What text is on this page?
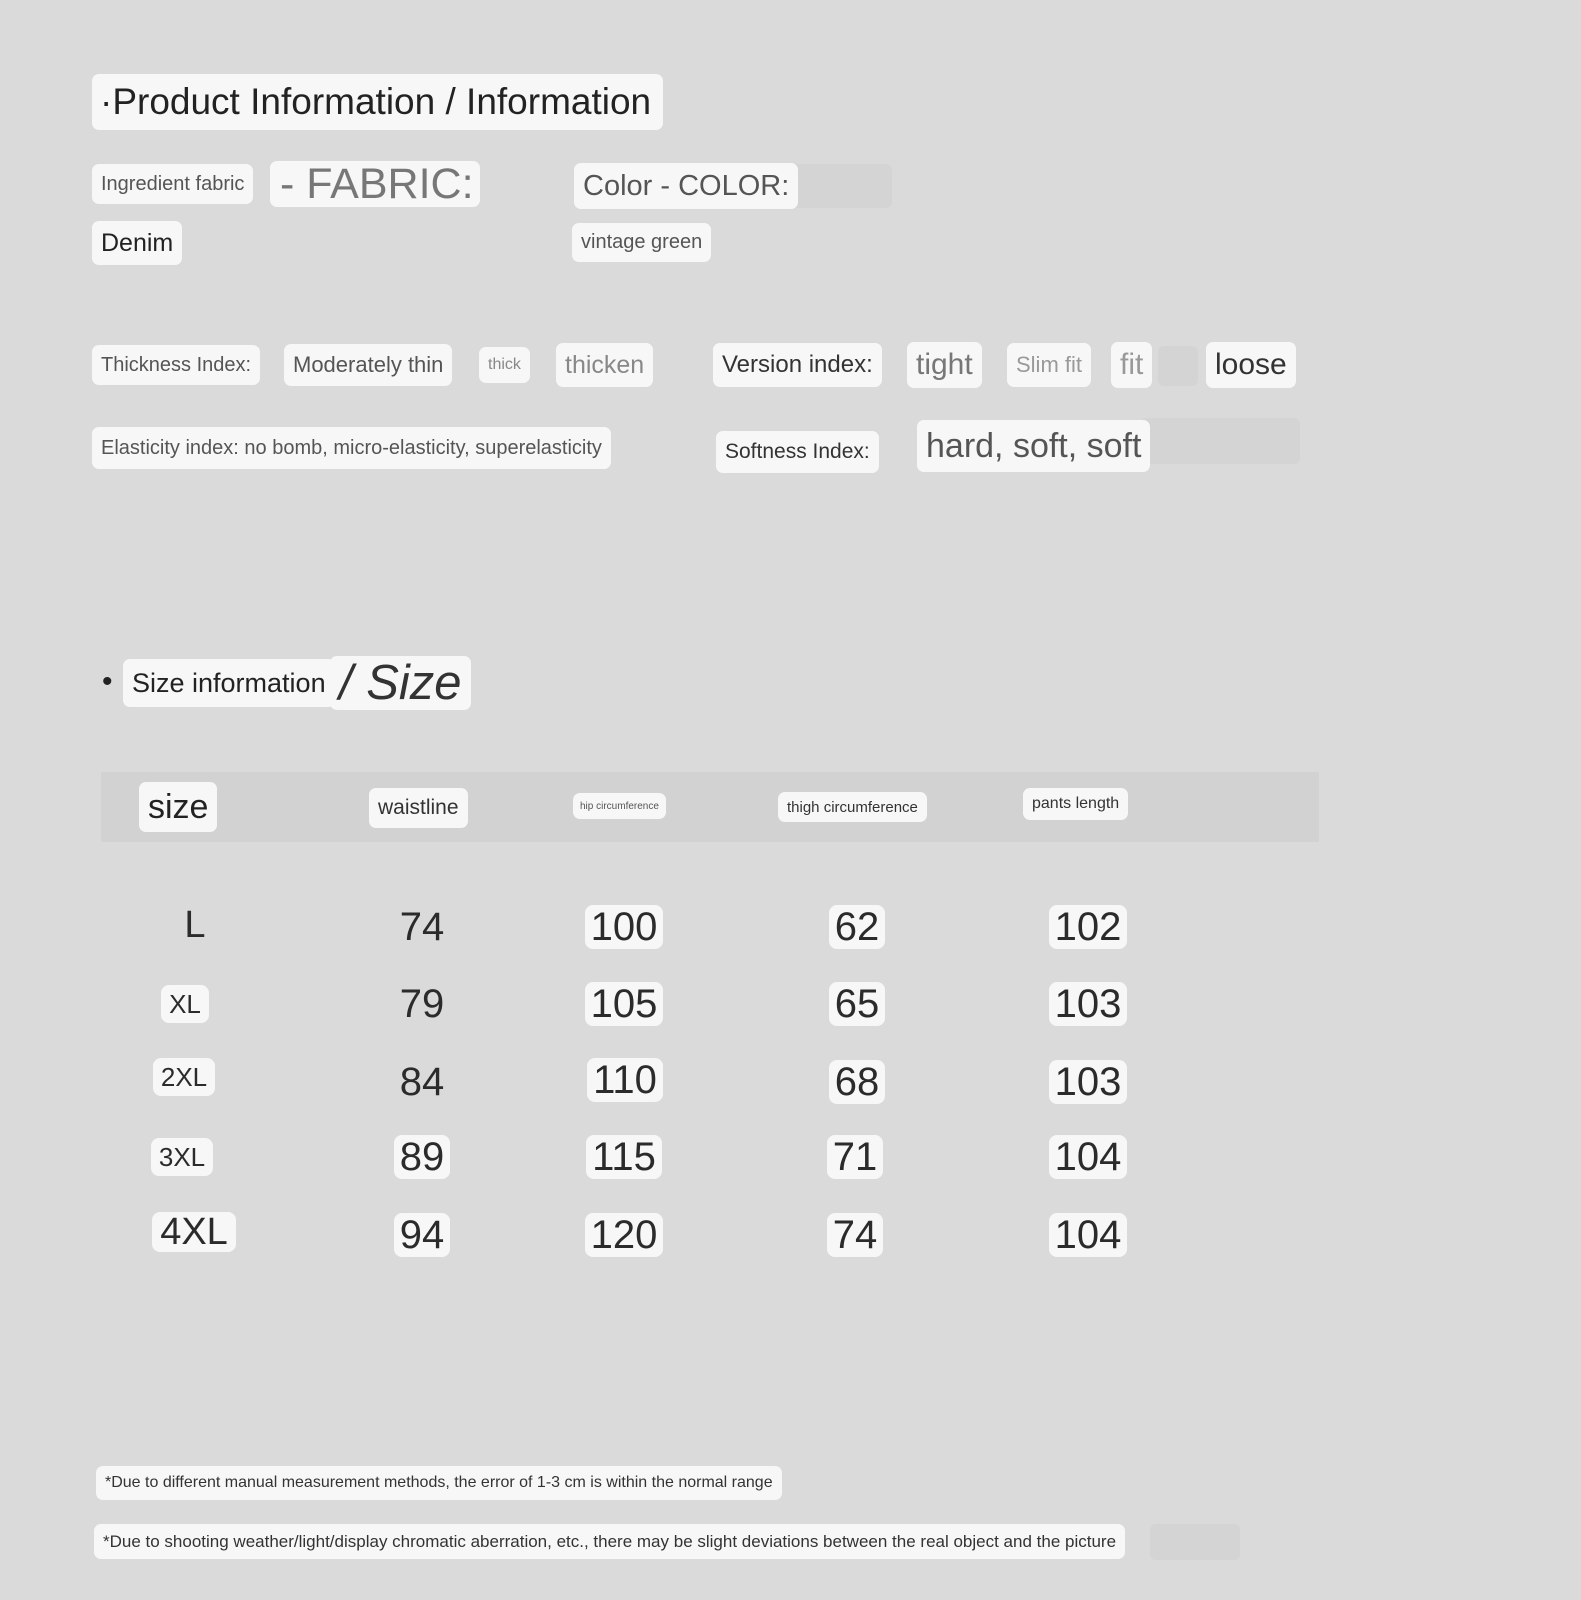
·Product Information / Information
Ingredient fabric - FABRIC:
Denim
Color - COLOR:
vintage green
Thickness Index:	Moderately thin	thick	thicken	Version index:	tight	Slim fit	fit	loose
Elasticity index: no bomb, micro-elasticity, superelasticity	Softness Index: hard, soft, soft
• Size information / Size
size	waistline	hip circumference	thigh circumference	pants length
L	74	100	62	102
XL	79	105	65	103
2XL	84	110	68	103
3XL	89	115	71	104
4XL	94	120	74	104
*Due to different manual measurement methods, the error of 1-3 cm is within the normal range
*Due to shooting weather/light/display chromatic aberration, etc., there may be slight deviations between the real object and the picture
